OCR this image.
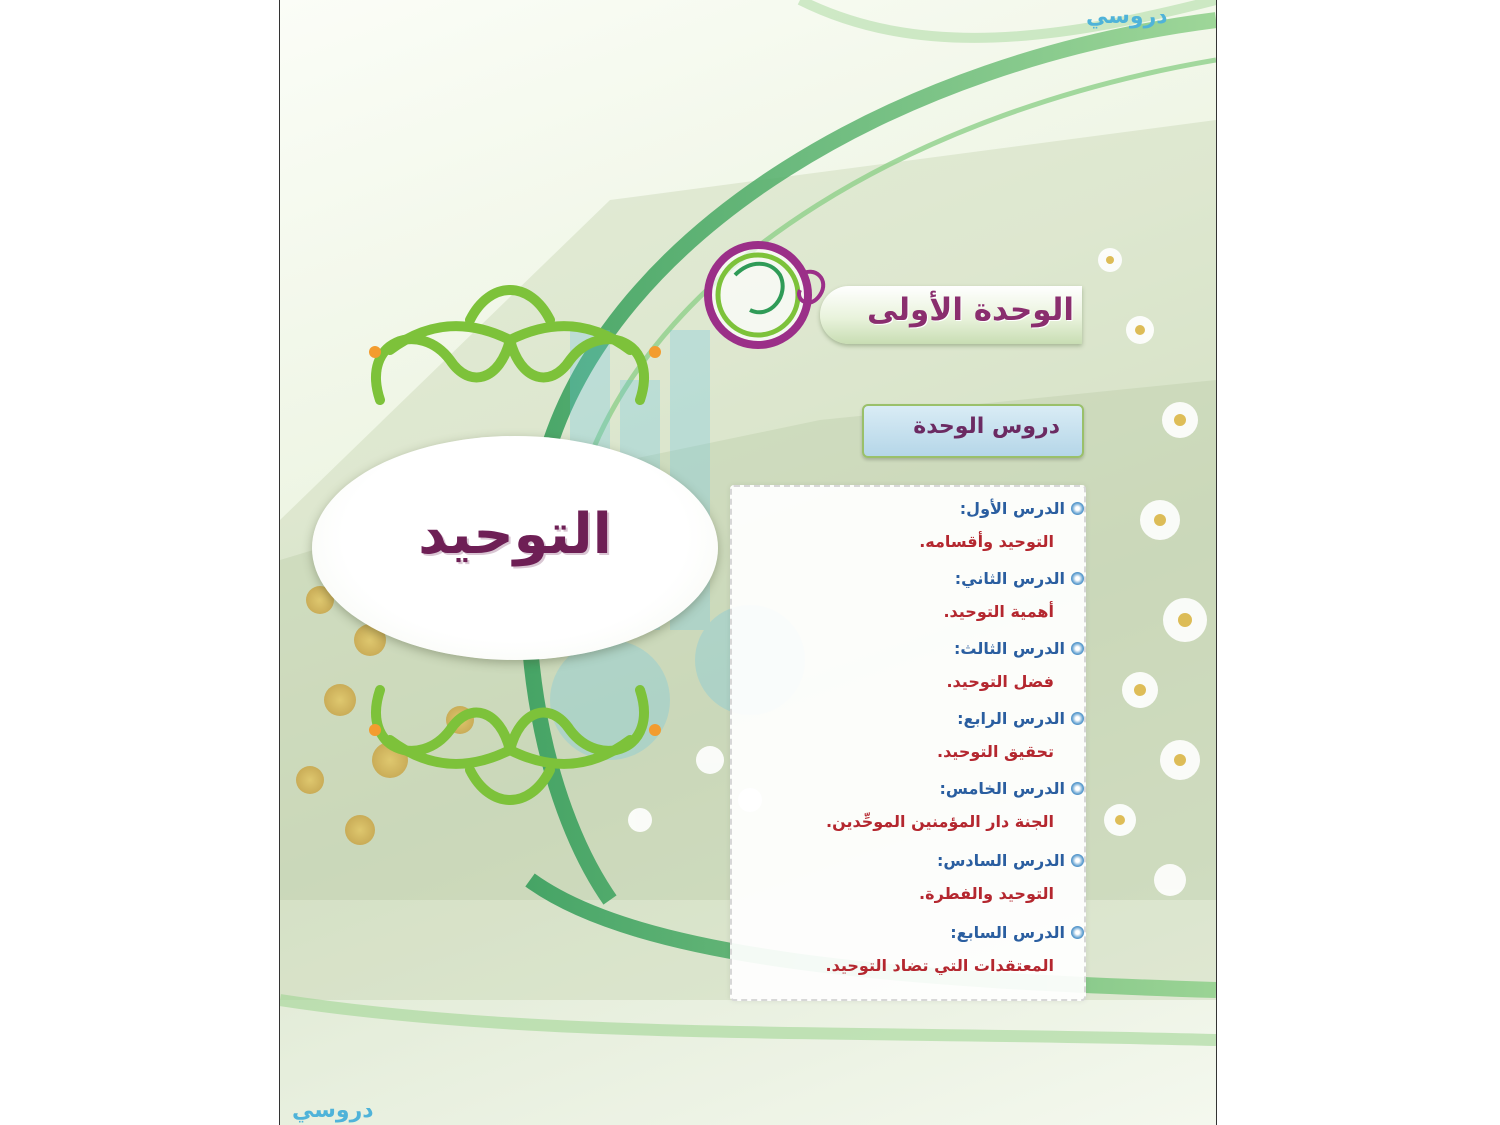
دروسي
دروسي
الوحدة الأولى
دروس الوحدة
التوحيد	الدرس الأول:
التوحيد وأقسامه.
الدرس الثاني:
أهمية التوحيد.
الدرس الثالث:
فضل التوحيد.
الدرس الرابع:
تحقيق التوحيد.
الدرس الخامس:
الجنة دار المؤمنين الموحِّدين.
الدرس السادس:
التوحيد والفطرة.
الدرس السابع:
المعتقدات التي تضاد التوحيد.
